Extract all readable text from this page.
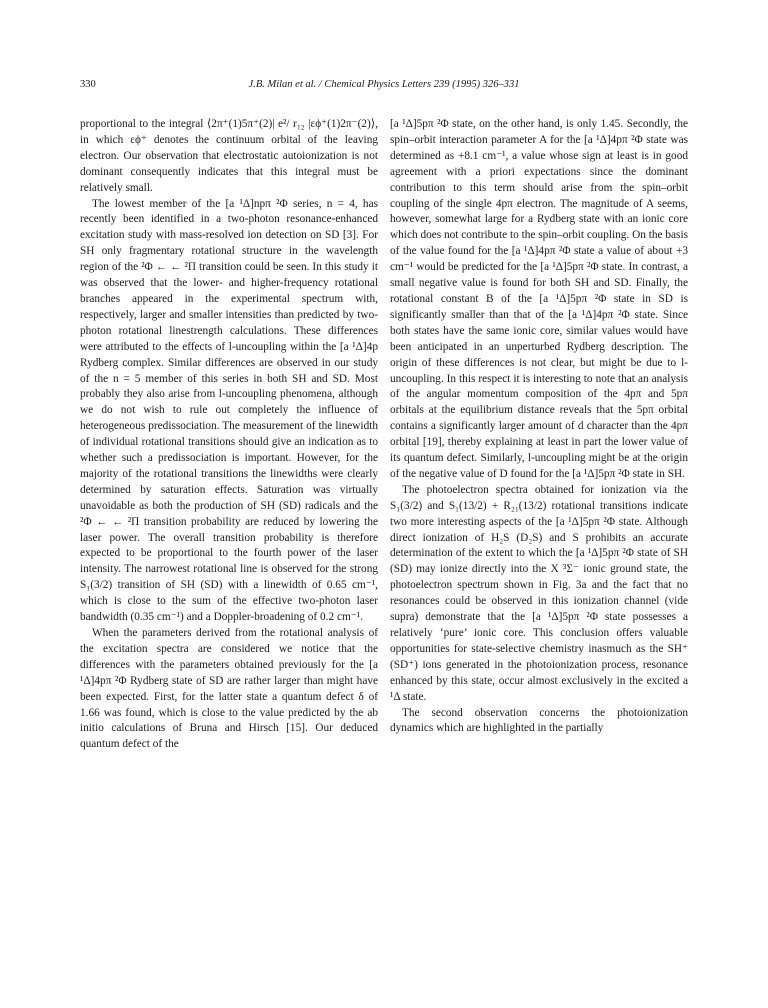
330	J.B. Milan et al. / Chemical Physics Letters 239 (1995) 326–331

proportional to the integral ⟨2π⁺(1)5π⁺(2)| e²/ r₁₂ |εϕ⁺(1)2π⁻(2)⟩, in which εϕ⁺ denotes the continuum orbital of the leaving electron. Our observation that electrostatic autoionization is not dominant consequently indicates that this integral must be relatively small.

The lowest member of the [a ¹Δ]npπ ²Φ series, n = 4, has recently been identified in a two-photon resonance-enhanced excitation study with mass-resolved ion detection on SD [3]. For SH only fragmentary rotational structure in the wavelength region of the ²Φ ← ← ²Π transition could be seen. In this study it was observed that the lower- and higher-frequency rotational branches appeared in the experimental spectrum with, respectively, larger and smaller intensities than predicted by two-photon rotational linestrength calculations. These differences were attributed to the effects of l-uncoupling within the [a ¹Δ]4p Rydberg complex. Similar differences are observed in our study of the n = 5 member of this series in both SH and SD. Most probably they also arise from l-uncoupling phenomena, although we do not wish to rule out completely the influence of heterogeneous predissociation. The measurement of the linewidth of individual rotational transitions should give an indication as to whether such a predissociation is important. However, for the majority of the rotational transitions the linewidths were clearly determined by saturation effects. Saturation was virtually unavoidable as both the production of SH (SD) radicals and the ²Φ ← ← ²Π transition probability are reduced by lowering the laser power. The overall transition probability is therefore expected to be proportional to the fourth power of the laser intensity. The narrowest rotational line is observed for the strong S₁(3/2) transition of SH (SD) with a linewidth of 0.65 cm⁻¹, which is close to the sum of the effective two-photon laser bandwidth (0.35 cm⁻¹) and a Doppler-broadening of 0.2 cm⁻¹.

When the parameters derived from the rotational analysis of the excitation spectra are considered we notice that the differences with the parameters obtained previously for the [a ¹Δ]4pπ ²Φ Rydberg state of SD are rather larger than might have been expected. First, for the latter state a quantum defect δ of 1.66 was found, which is close to the value predicted by the ab initio calculations of Bruna and Hirsch [15]. Our deduced quantum defect of the

[a ¹Δ]5pπ ²Φ state, on the other hand, is only 1.45. Secondly, the spin–orbit interaction parameter A for the [a ¹Δ]4pπ ²Φ state was determined as +8.1 cm⁻¹, a value whose sign at least is in good agreement with a priori expectations since the dominant contribution to this term should arise from the spin–orbit coupling of the single 4pπ electron. The magnitude of A seems, however, somewhat large for a Rydberg state with an ionic core which does not contribute to the spin–orbit coupling. On the basis of the value found for the [a ¹Δ]4pπ ²Φ state a value of about +3 cm⁻¹ would be predicted for the [a ¹Δ]5pπ ²Φ state. In contrast, a small negative value is found for both SH and SD. Finally, the rotational constant B of the [a ¹Δ]5pπ ²Φ state in SD is significantly smaller than that of the [a ¹Δ]4pπ ²Φ state. Since both states have the same ionic core, similar values would have been anticipated in an unperturbed Rydberg description. The origin of these differences is not clear, but might be due to l-uncoupling. In this respect it is interesting to note that an analysis of the angular momentum composition of the 4pπ and 5pπ orbitals at the equilibrium distance reveals that the 5pπ orbital contains a significantly larger amount of d character than the 4pπ orbital [19], thereby explaining at least in part the lower value of its quantum defect. Similarly, l-uncoupling might be at the origin of the negative value of D found for the [a ¹Δ]5pπ ²Φ state in SH.

The photoelectron spectra obtained for ionization via the S₁(3/2) and S₁(13/2) + R₂₁(13/2) rotational transitions indicate two more interesting aspects of the [a ¹Δ]5pπ ²Φ state. Although direct ionization of H₂S (D₂S) and S prohibits an accurate determination of the extent to which the [a ¹Δ]5pπ ²Φ state of SH (SD) may ionize directly into the X ³Σ⁻ ionic ground state, the photoelectron spectrum shown in Fig. 3a and the fact that no resonances could be observed in this ionization channel (vide supra) demonstrate that the [a ¹Δ]5pπ ²Φ state possesses a relatively ‘pure’ ionic core. This conclusion offers valuable opportunities for state-selective chemistry inasmuch as the SH⁺ (SD⁺) ions generated in the photoionization process, resonance enhanced by this state, occur almost exclusively in the excited a ¹Δ state.

The second observation concerns the photoionization dynamics which are highlighted in the partially
